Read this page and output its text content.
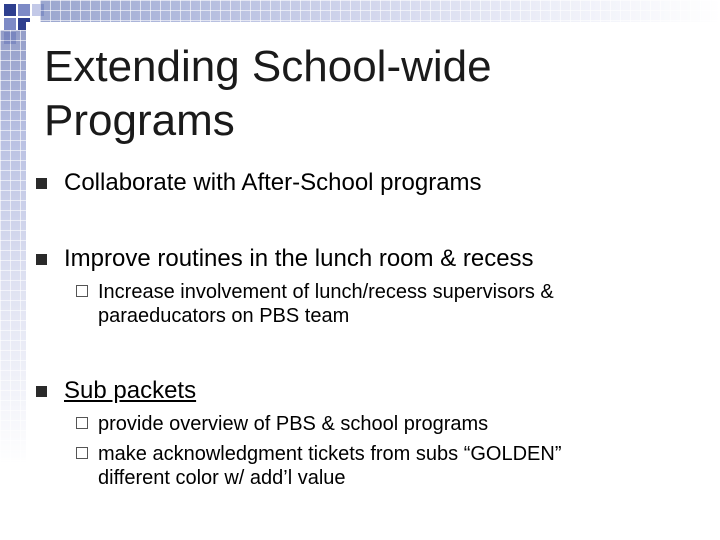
Extending School-wide
Programs
Collaborate with After-School programs
Improve routines in the lunch room & recess
Increase involvement of lunch/recess supervisors &
paraeducators on PBS team
Sub packets
provide overview of PBS & school programs
make acknowledgment tickets from subs “GOLDEN”
different color w/ add’l value
